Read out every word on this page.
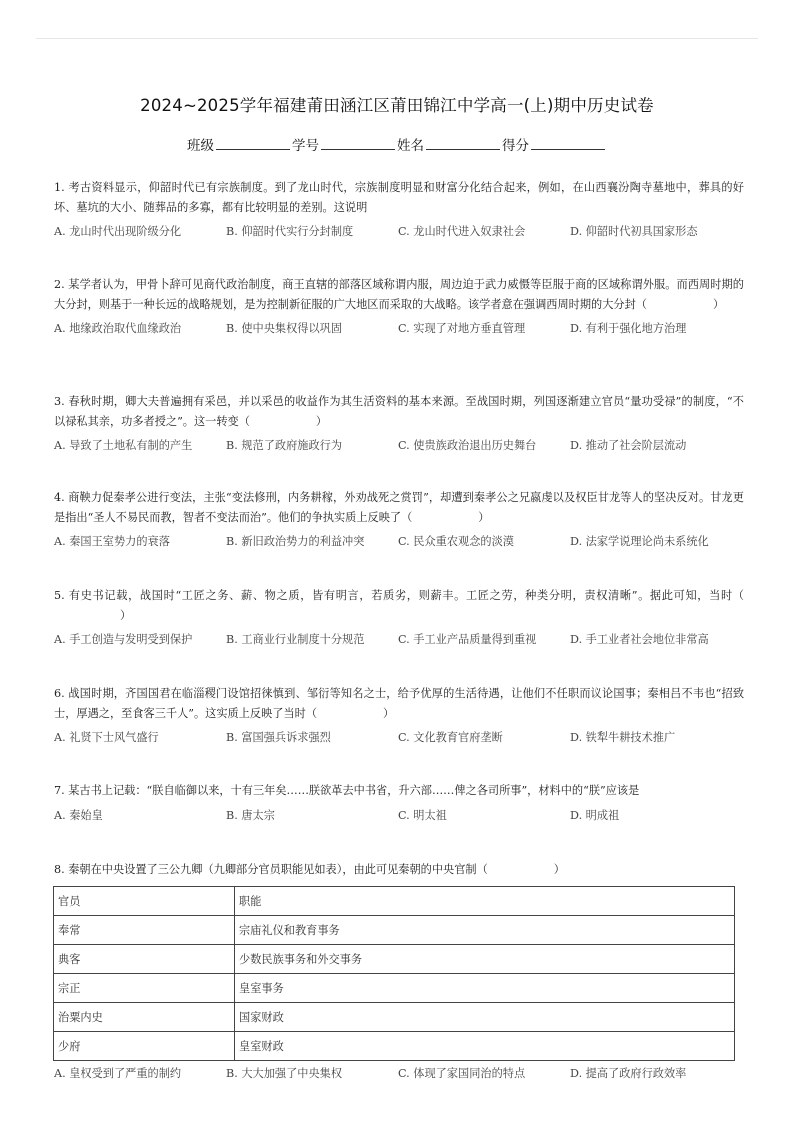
2024~2025学年福建莆田涵江区莆田锦江中学高一(上)期中历史试卷
班级	学号	姓名	得分
1. 考古资料显示，仰韶时代已有宗族制度。到了龙山时代，宗族制度明显和财富分化结合起来，例如，在山西襄汾陶寺墓地中，葬具的好坏、墓坑的大小、随葬品的多寡，都有比较明显的差别。这说明
A. 龙山时代出现阶级分化	B. 仰韶时代实行分封制度	C. 龙山时代进入奴隶社会	D. 仰韶时代初具国家形态
2. 某学者认为，甲骨卜辞可见商代政治制度，商王直辖的部落区域称谓内服，周边迫于武力威慑等臣服于商的区域称谓外服。而西周时期的大分封，则基于一种长远的战略规划，是为控制新征服的广大地区而采取的大战略。该学者意在强调西周时期的大分封（	）
A. 地缘政治取代血缘政治	B. 使中央集权得以巩固	C. 实现了对地方垂直管理	D. 有利于强化地方治理
3. 春秋时期，卿大夫普遍拥有采邑，并以采邑的收益作为其生活资料的基本来源。至战国时期，列国逐渐建立官员“量功受禄”的制度，“不以禄私其亲，功多者授之”。这一转变（	）
A. 导致了土地私有制的产生	B. 规范了政府施政行为	C. 使贵族政治退出历史舞台	D. 推动了社会阶层流动
4. 商鞅力促秦孝公进行变法，主张“变法修刑，内务耕稼，外劝战死之赏罚”，却遭到秦孝公之兄嬴虔以及权臣甘龙等人的坚决反对。甘龙更是指出“圣人不易民而教，智者不变法而治”。他们的争执实质上反映了（	）
A. 秦国王室势力的衰落	B. 新旧政治势力的利益冲突	C. 民众重农观念的淡漠	D. 法家学说理论尚未系统化
5. 有史书记载，战国时“工匠之务、薪、物之质，皆有明言，若质劣，则薪丰。工匠之劳，种类分明，责权清晰”。据此可知，当时（）
A. 手工创造与发明受到保护	B. 工商业行业制度十分规范	C. 手工业产品质量得到重视	D. 手工业者社会地位非常高
6. 战国时期，齐国国君在临淄稷门设馆招徕慎到、邹衍等知名之士，给予优厚的生活待遇，让他们不任职而议论国事；秦相吕不韦也“招致士，厚遇之，至食客三千人”。这实质上反映了当时（	）
A. 礼贤下士风气盛行	B. 富国强兵诉求强烈	C. 文化教育官府垄断	D. 铁犁牛耕技术推广
7. 某古书上记载：“朕自临御以来，十有三年矣……朕欲革去中书省，升六部……俾之各司所事”，材料中的“朕”应该是
A. 秦始皇	B. 唐太宗	C. 明太祖	D. 明成祖
8. 秦朝在中央设置了三公九卿（九卿部分官员职能见如表），由此可见秦朝的中央官制（	）
官员	职能
奉常	宗庙礼仪和教育事务
典客	少数民族事务和外交事务
宗正	皇室事务
治粟内史	国家财政
少府	皇室财政
A. 皇权受到了严重的制约	B. 大大加强了中央集权	C. 体现了家国同治的特点	D. 提高了政府行政效率
